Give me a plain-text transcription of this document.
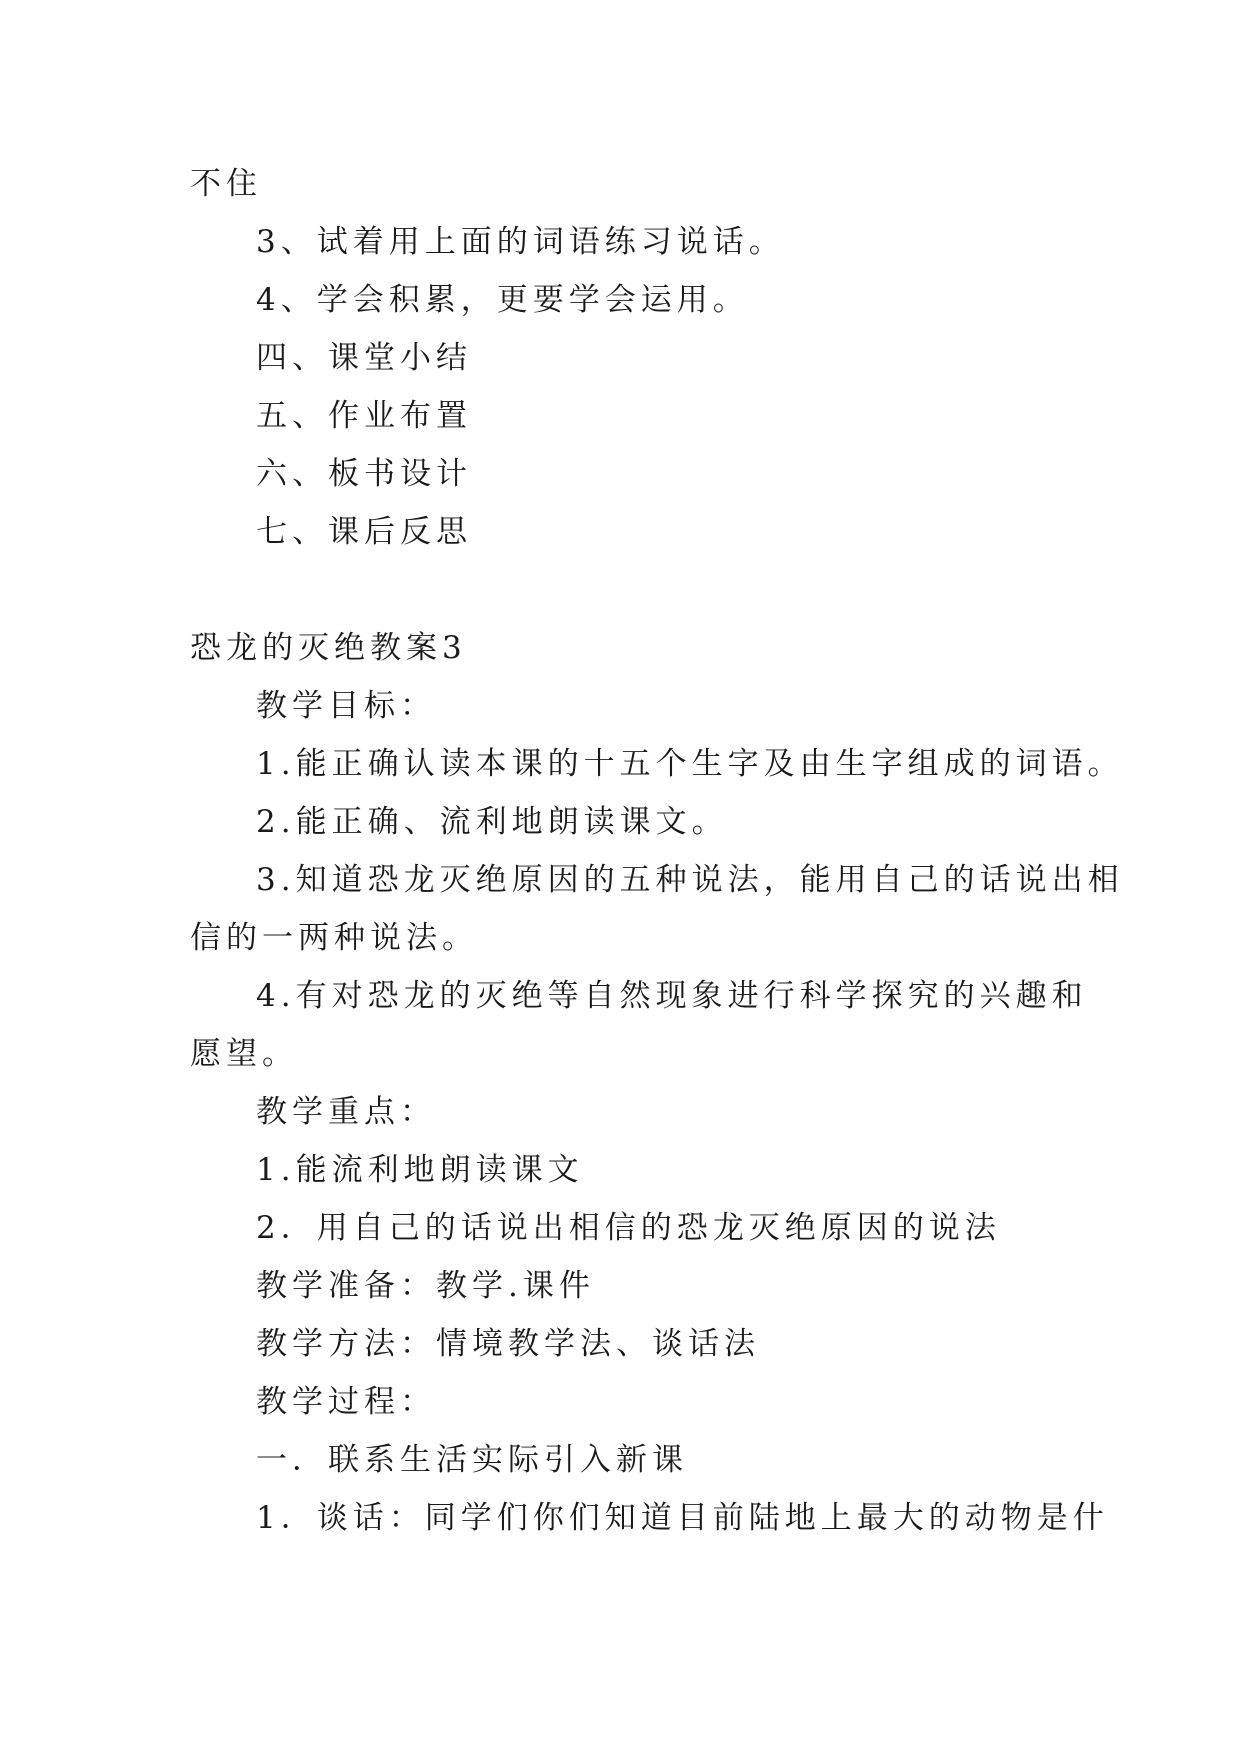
不住
3、试着用上面的词语练习说话。
4、学会积累，更要学会运用。
四、课堂小结
五、作业布置
六、板书设计
七、课后反思
恐龙的灭绝教案3
教学目标：
1.能正确认读本课的十五个生字及由生字组成的词语。
2.能正确、流利地朗读课文。
3.知道恐龙灭绝原因的五种说法，能用自己的话说出相
信的一两种说法。
4.有对恐龙的灭绝等自然现象进行科学探究的兴趣和
愿望。
教学重点：
1.能流利地朗读课文
2．用自己的话说出相信的恐龙灭绝原因的说法
教学准备：教学.课件
教学方法：情境教学法、谈话法
教学过程：
一．联系生活实际引入新课
1．谈话：同学们你们知道目前陆地上最大的动物是什
